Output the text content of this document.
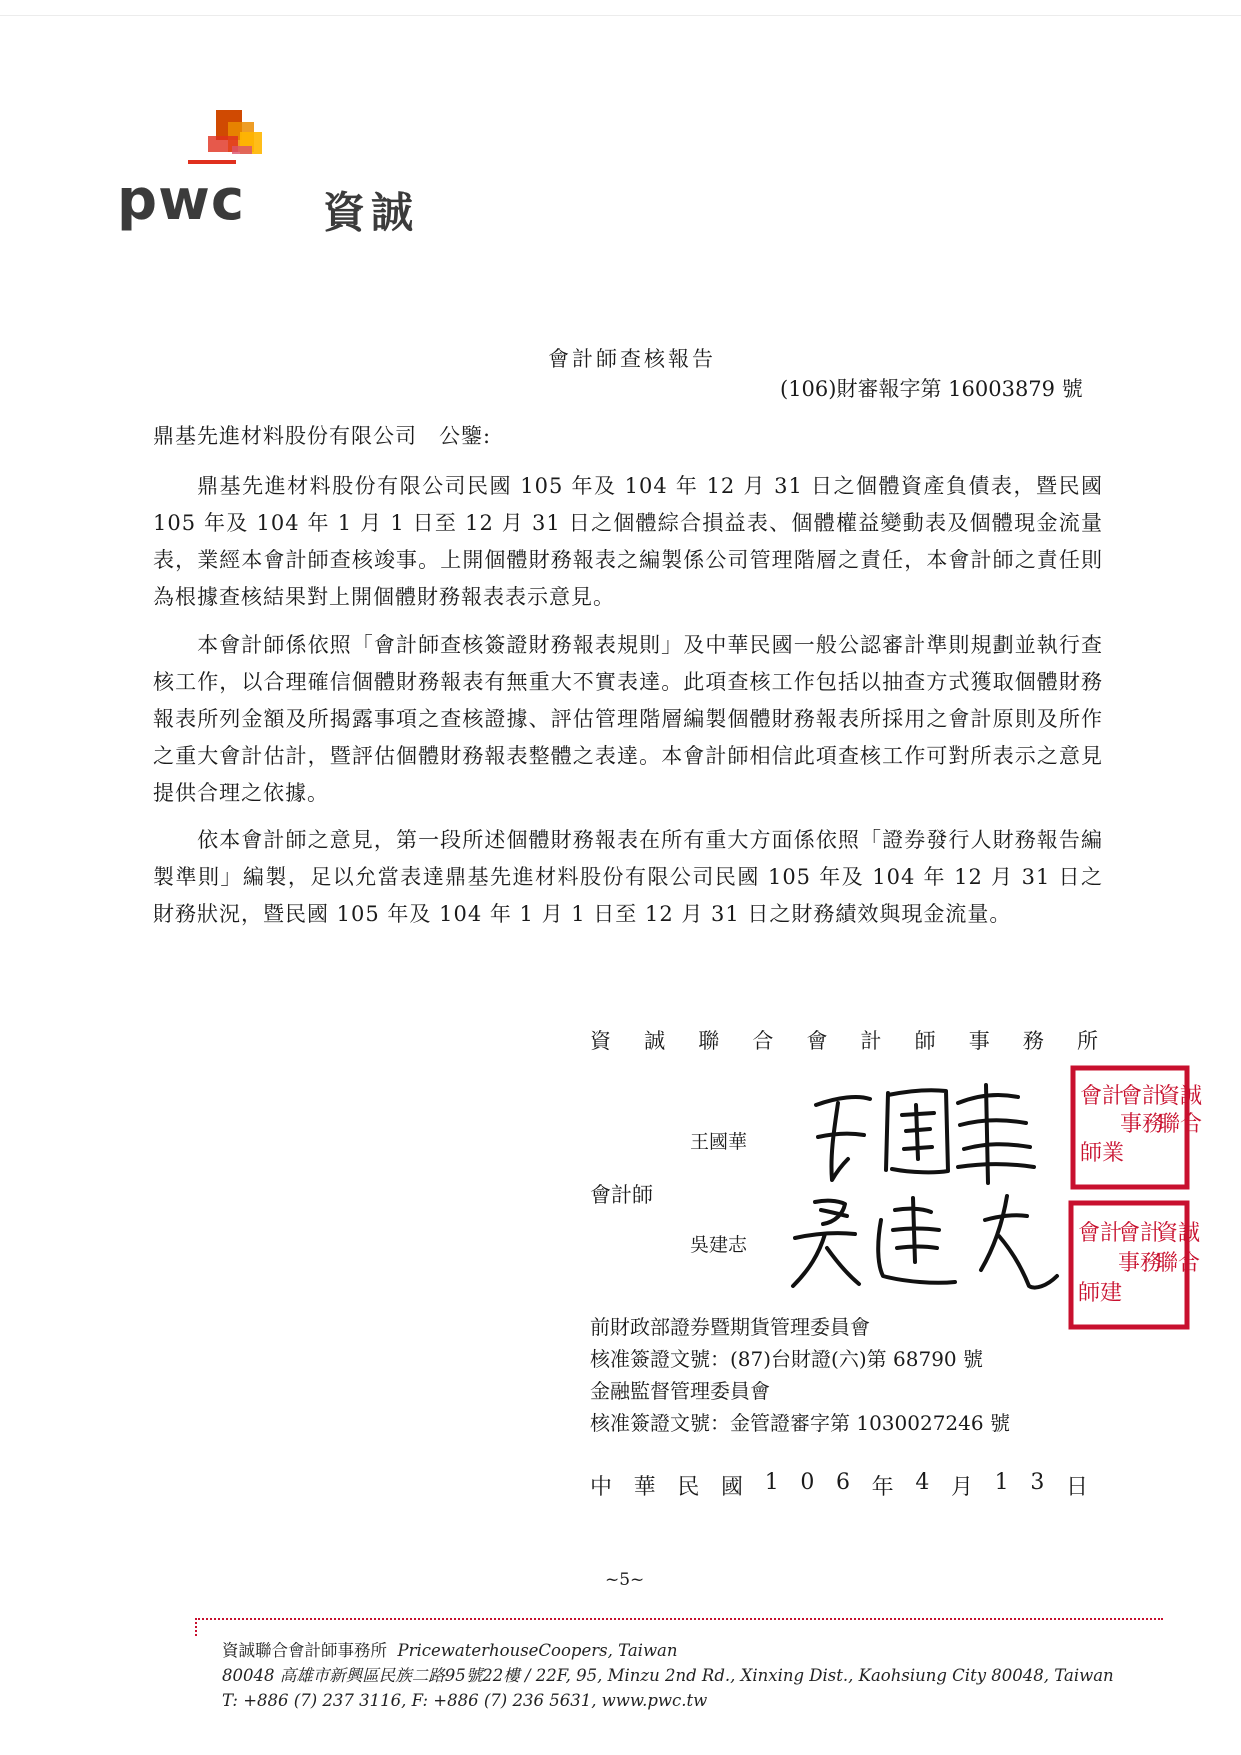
pwc 資誠
會計師查核報告
(106)財審報字第 16003879 號
鼎基先進材料股份有限公司　公鑒:

鼎基先進材料股份有限公司民國 105 年及 104 年 12 月 31 日之個體資產負債表，暨民國 105 年及 104 年 1 月 1 日至 12 月 31 日之個體綜合損益表、個體權益變動表及個體現金流量表，業經本會計師查核竣事。上開個體財務報表之編製係公司管理階層之責任，本會計師之責任則為根據查核結果對上開個體財務報表表示意見。

本會計師係依照「會計師查核簽證財務報表規則」及中華民國一般公認審計準則規劃並執行查核工作，以合理確信個體財務報表有無重大不實表達。此項查核工作包括以抽查方式獲取個體財務報表所列金額及所揭露事項之查核證據、評估管理階層編製個體財務報表所採用之會計原則及所作之重大會計估計，暨評估個體財務報表整體之表達。本會計師相信此項查核工作可對所表示之意見提供合理之依據。

依本會計師之意見，第一段所述個體財務報表在所有重大方面係依照「證券發行人財務報告編製準則」編製，足以允當表達鼎基先進材料股份有限公司民國 105 年及 104 年 12 月 31 日之財務狀況，暨民國 105 年及 104 年 1 月 1 日至 12 月 31 日之財務績效與現金流量。

資 誠 聯 合 會 計 師 事 務 所
王國華
會計師
吳建志
資誠
聯合
會計
事務
會計
師業
資誠
聯合
會計
事務
會計
師建
前財政部證券暨期貨管理委員會
核准簽證文號：(87)台財證(六)第 68790 號
金融監督管理委員會
核准簽證文號：金管證審字第 1030027246 號
中 華 民 國 1 0 6 年 4 月 1 3 日
~5~
資誠聯合會計師事務所 PricewaterhouseCoopers, Taiwan
80048 高雄市新興區民族二路95號22樓 / 22F, 95, Minzu 2nd Rd., Xinxing Dist., Kaohsiung City 80048, Taiwan
T: +886 (7) 237 3116, F: +886 (7) 236 5631, www.pwc.tw
